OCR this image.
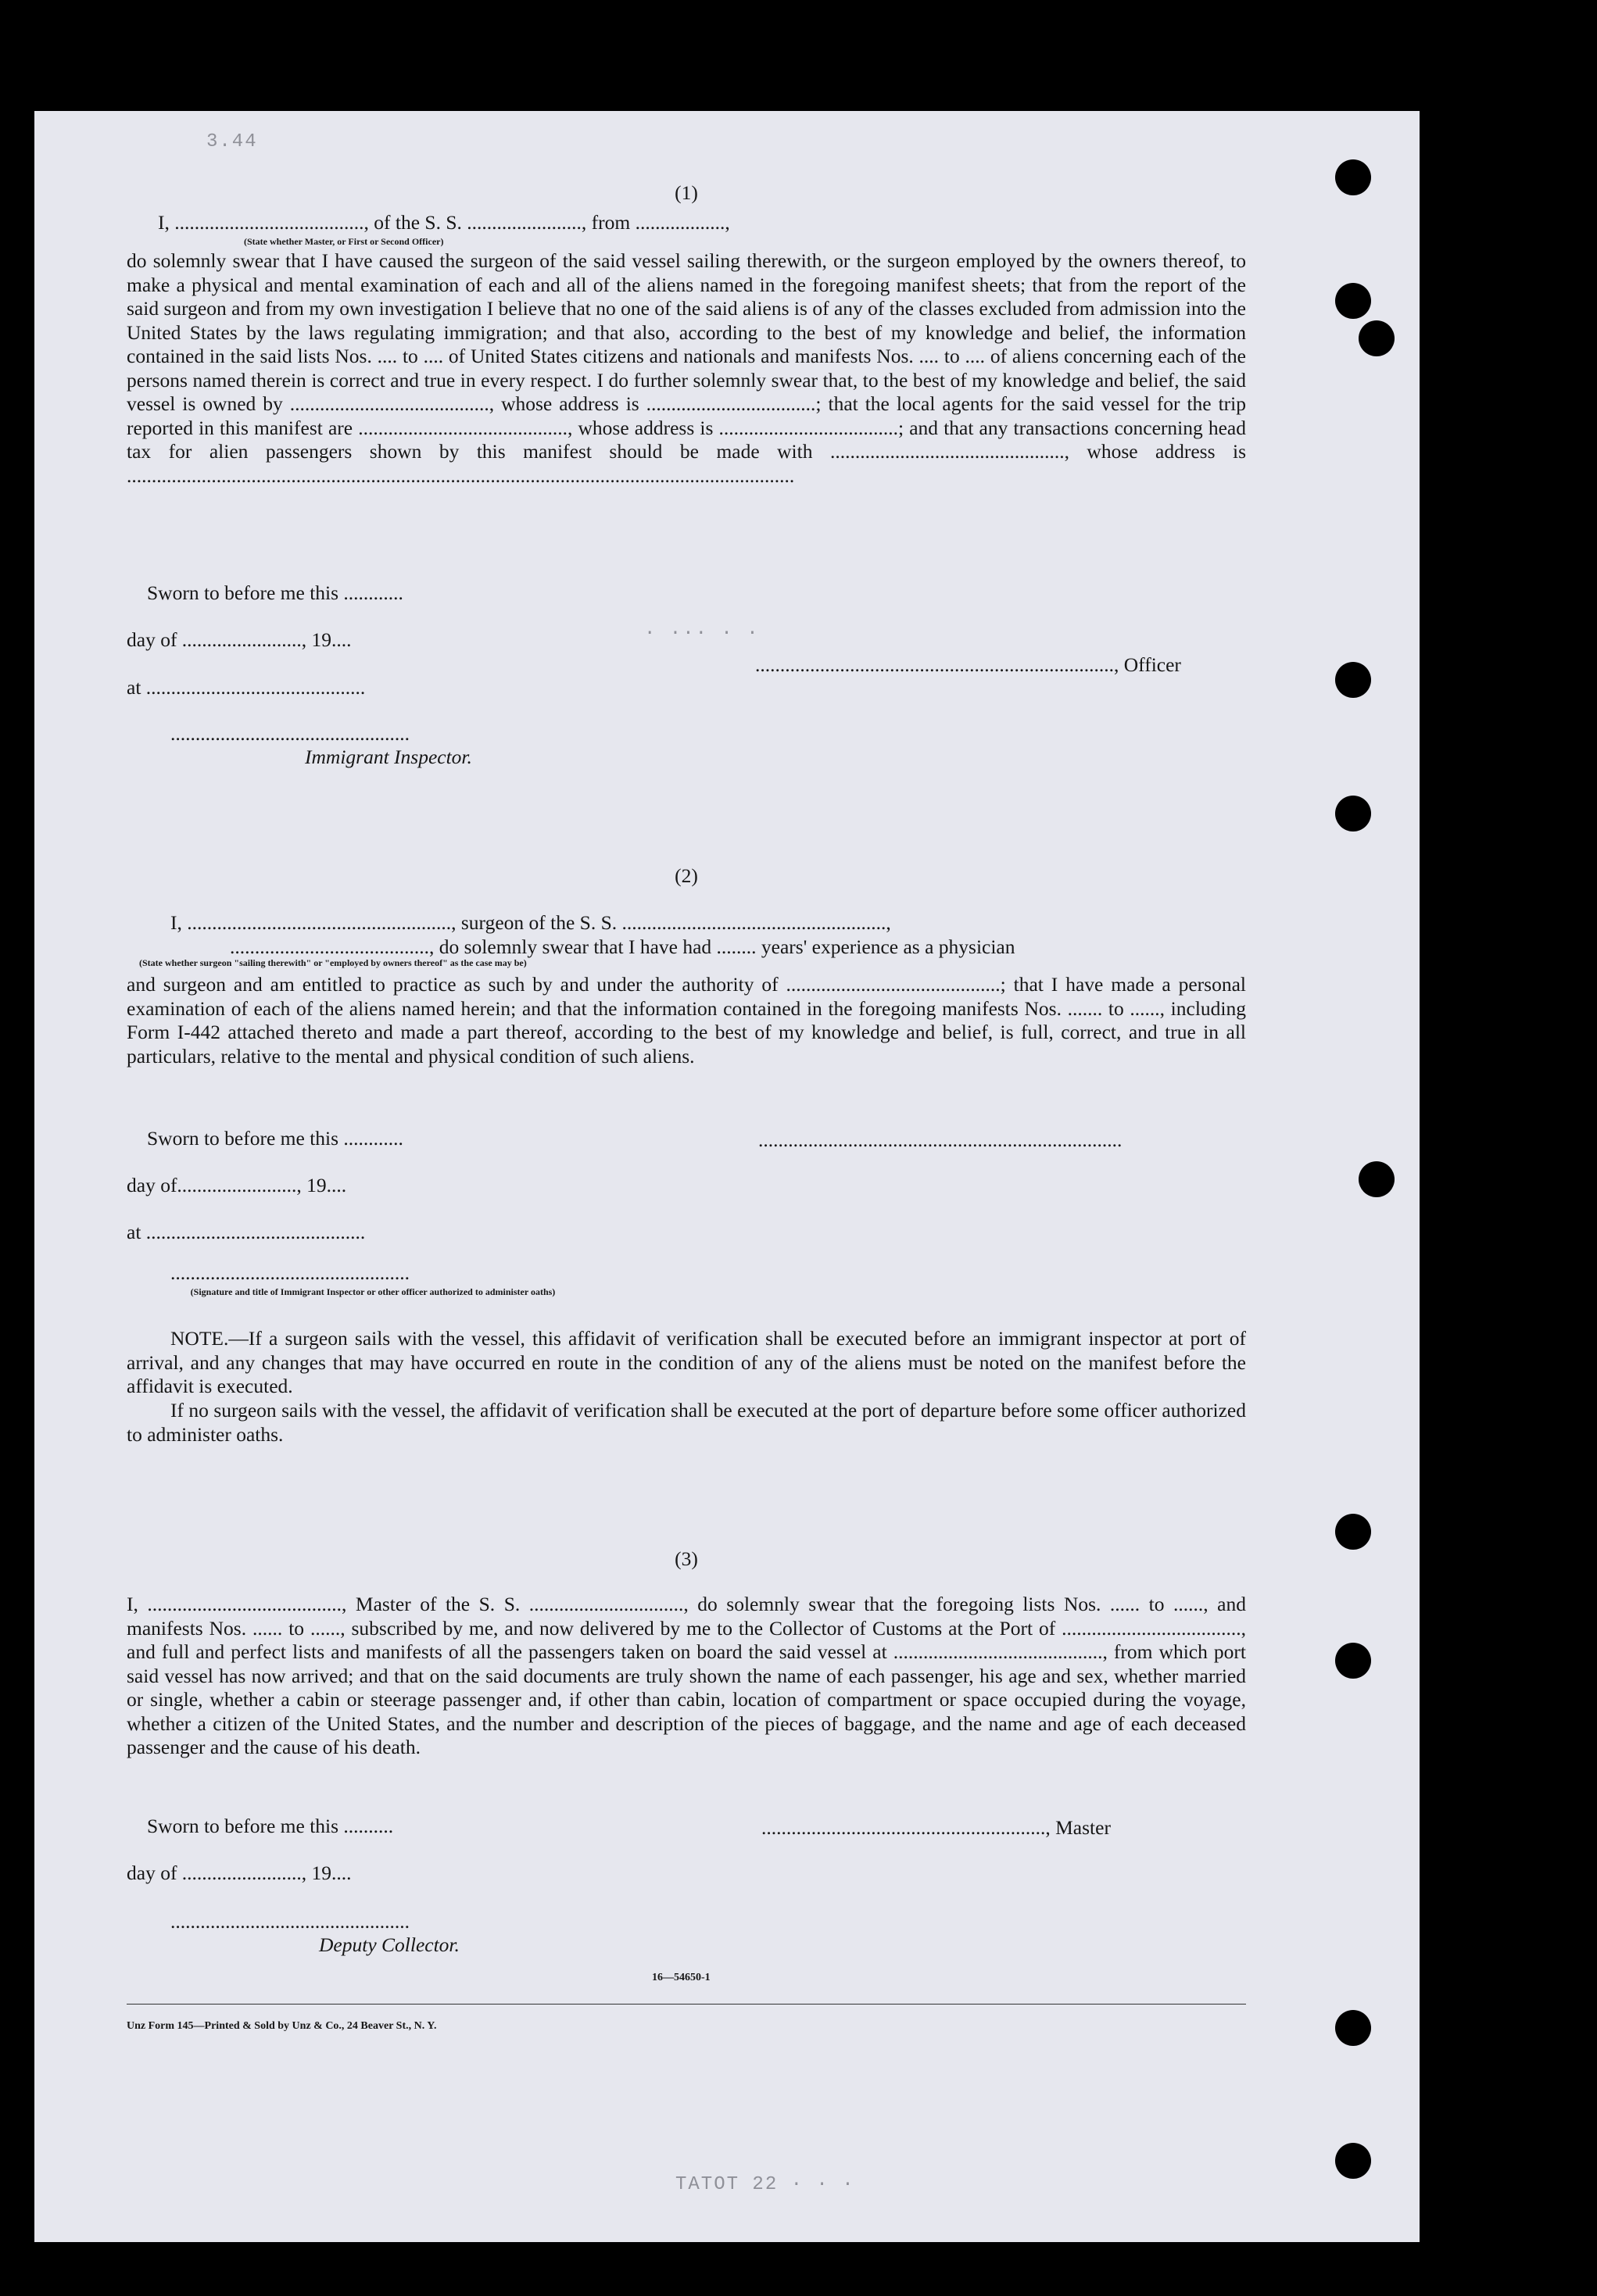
3.44
· ··· · ·
TATOT 22 · · ·

(1)

I, ......................................, of the S. S. ......................., from ..................,
(State whether Master, or First or Second Officer)

do solemnly swear that I have caused the surgeon of the said vessel sailing therewith, or the surgeon employed by the owners thereof, to make a physical and mental examination of each and all of the aliens named in the foregoing manifest sheets; that from the report of the said surgeon and from my own investigation I believe that no one of the said aliens is of any of the classes excluded from admission into the United States by the laws regulating immigration; and that also, according to the best of my knowledge and belief, the information contained in the said lists Nos. .... to .... of United States citizens and nationals and manifests Nos. .... to .... of aliens concerning each of the persons named therein is correct and true in every respect. I do further solemnly swear that, to the best of my knowledge and belief, the said vessel is owned by ........................................, whose address is ..................................; that the local agents for the said vessel for the trip reported in this manifest are .........................................., whose address is ....................................; and that any transactions concerning head tax for alien passengers shown by this manifest should be made with ..............................................., whose address is ......................................................................................................................................

Sworn to before me this ............
day of ........................, 19....
at ............................................
........................................................................, Officer
................................................
Immigrant Inspector.

(2)

I, ....................................................., surgeon of the S. S. .....................................................,
........................................, do solemnly swear that I have had ........ years' experience as a physician
(State whether surgeon "sailing therewith" or "employed by owners thereof" as the case may be)

and surgeon and am entitled to practice as such by and under the authority of ...........................................; that I have made a personal examination of each of the aliens named herein; and that the information contained in the foregoing manifests Nos. ....... to ......, including Form I-442 attached thereto and made a part thereof, according to the best of my knowledge and belief, is full, correct, and true in all particulars, relative to the mental and physical condition of such aliens.

Sworn to before me this ............
day of........................, 19....
at ............................................
.........................................................................
................................................
(Signature and title of Immigrant Inspector or other officer authorized to administer oaths)

NOTE.—If a surgeon sails with the vessel, this affidavit of verification shall be executed before an immigrant inspector at port of arrival, and any changes that may have occurred en route in the condition of any of the aliens must be noted on the manifest before the affidavit is executed.

If no surgeon sails with the vessel, the affidavit of verification shall be executed at the port of departure before some officer authorized to administer oaths.

(3)

I, ......................................., Master of the S. S. ..............................., do solemnly swear that the foregoing lists Nos. ...... to ......, and manifests Nos. ...... to ......, subscribed by me, and now delivered by me to the Collector of Customs at the Port of ...................................., and full and perfect lists and manifests of all the passengers taken on board the said vessel at .........................................., from which port said vessel has now arrived; and that on the said documents are truly shown the name of each passenger, his age and sex, whether married or single, whether a cabin or steerage passenger and, if other than cabin, location of compartment or space occupied during the voyage, whether a citizen of the United States, and the number and description of the pieces of baggage, and the name and age of each deceased passenger and the cause of his death.

Sworn to before me this ..........
day of ........................, 19....
........................................................., Master
................................................
Deputy Collector.
16—54650-1
Unz Form 145—Printed & Sold by Unz & Co., 24 Beaver St., N. Y.
